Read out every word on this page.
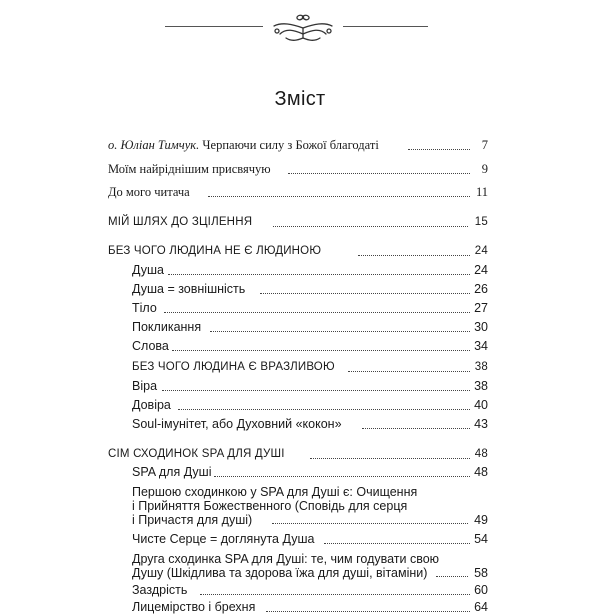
Зміст
о. Юліан Тимчук. Черпаючи силу з Божої благодаті	7
Моїм найріднішим присвячую	9
До мого читача	11
МІЙ ШЛЯХ ДО ЗЦІЛЕННЯ	15
БЕЗ ЧОГО ЛЮДИНА НЕ Є ЛЮДИНОЮ	24
Душа	24
Душа = зовнішність	26
Тіло	27
Покликання	30
Слова	34
БЕЗ ЧОГО ЛЮДИНА Є ВРАЗЛИВОЮ	38
Віра	38
Довіра	40
Soul-імунітет, або Духовний «кокон»	43
СІМ СХОДИНОК SPA ДЛЯ ДУШІ	48
SPA для Душі	48
Першою сходинкою у SPA для Душі є: Очищення
і Прийняття Божественного (Сповідь для серця
і Причастя для душі)	49
Чисте Серце = доглянута Душа	54
Друга сходинка SPA для Душі: те, чим годувати свою
Душу (Шкідлива та здорова їжа для душі, вітаміни)	58
Заздрість	60
Лицемірство і брехня	64
